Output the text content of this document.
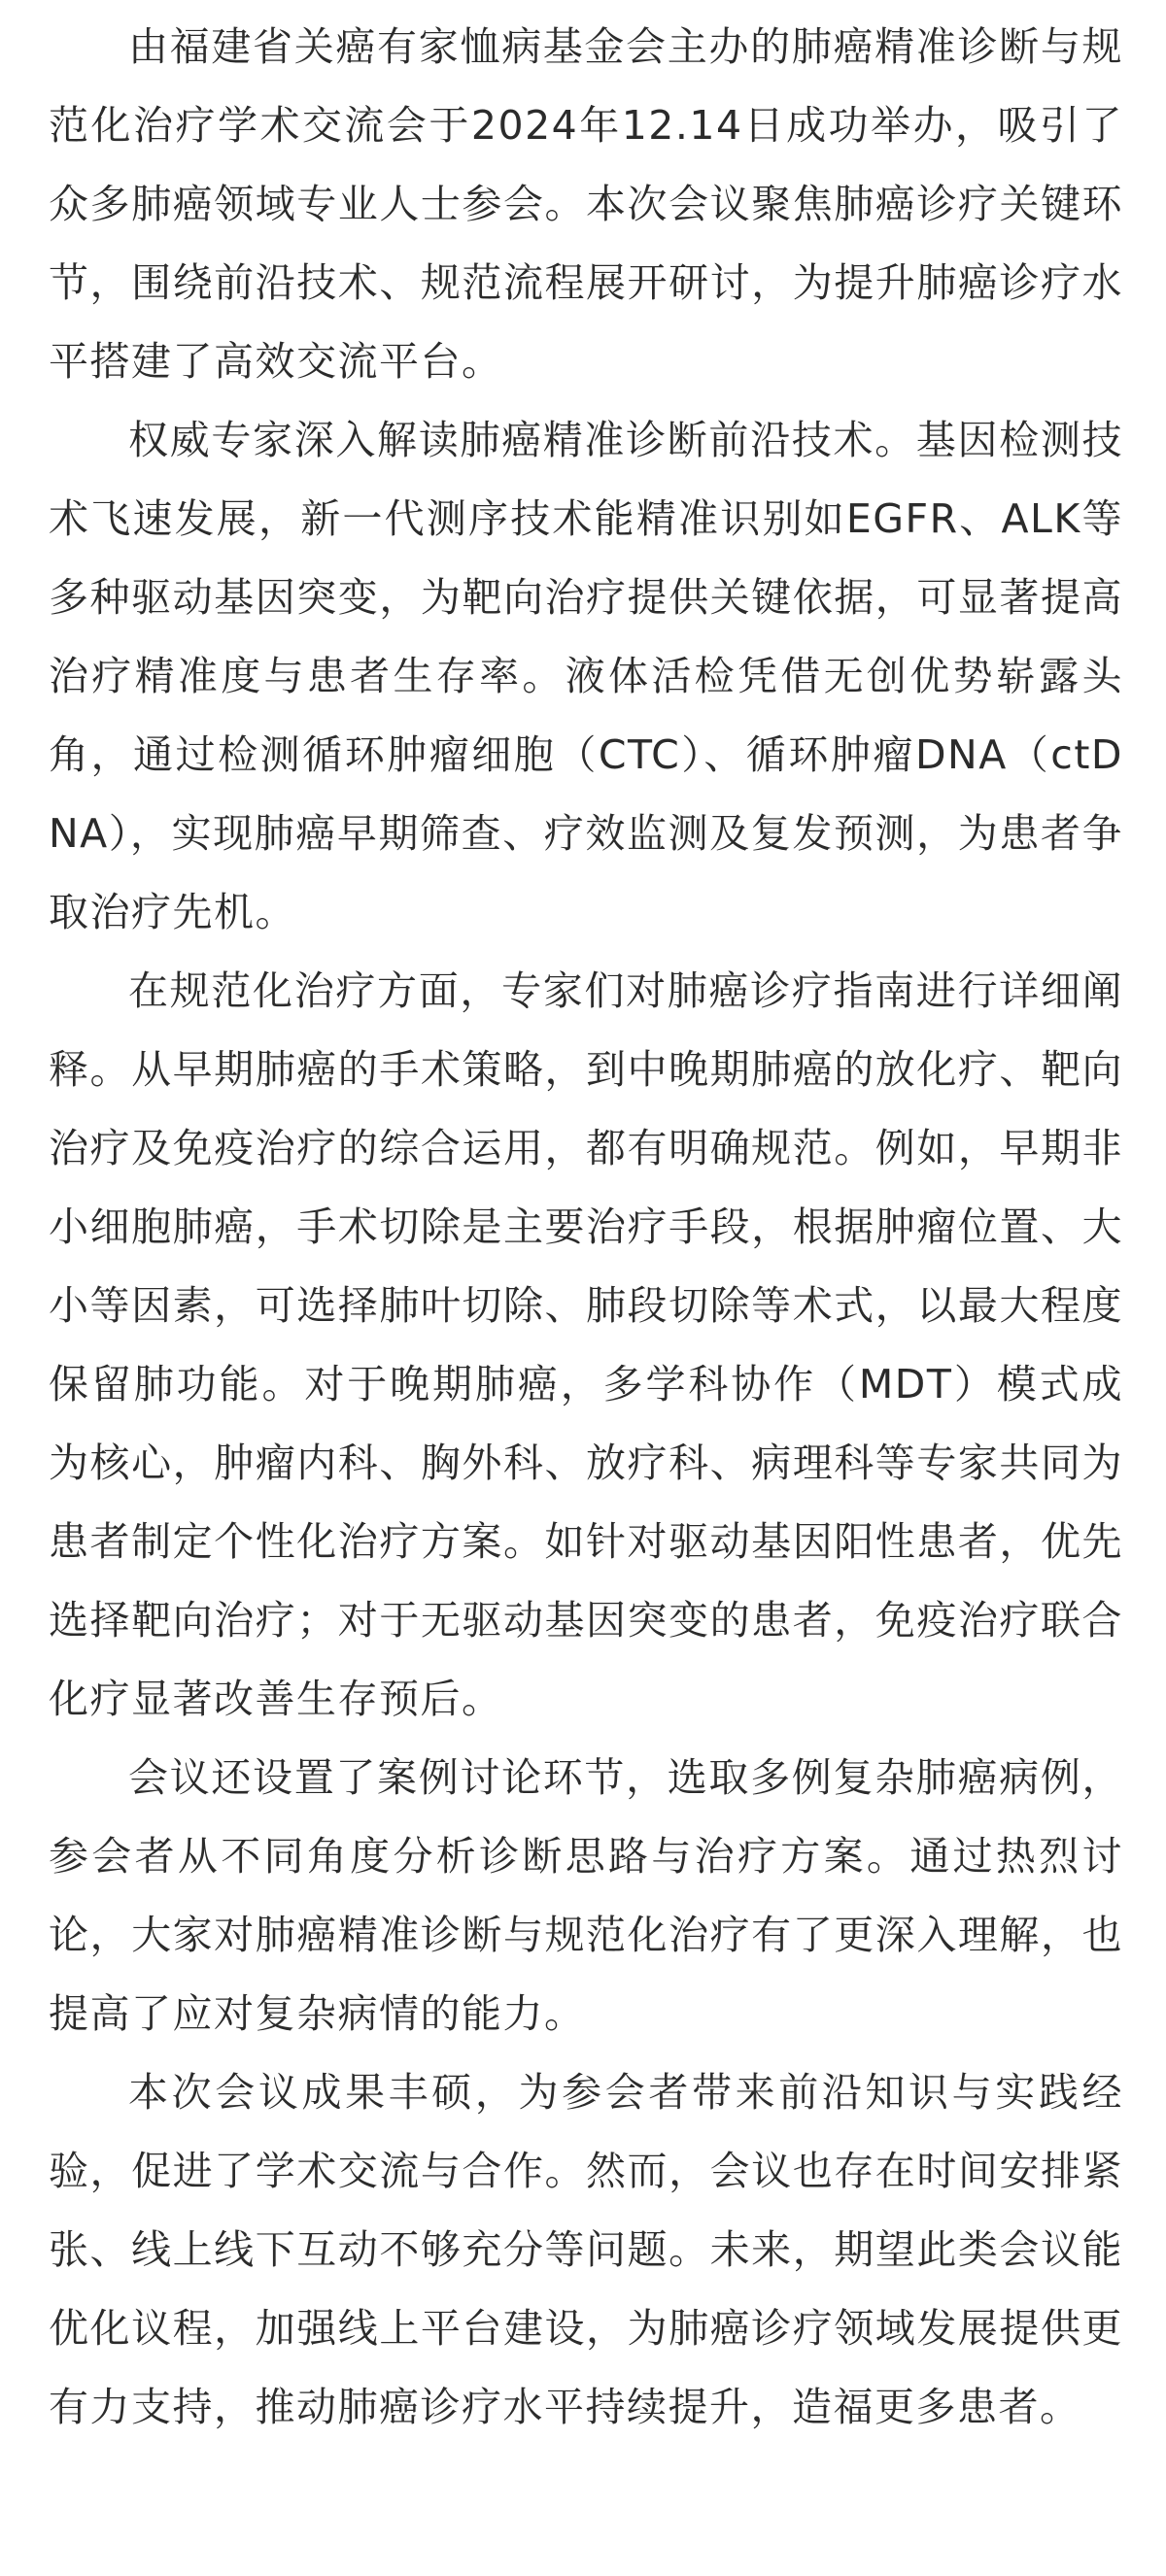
由福建省关癌有家恤病基金会主办的肺癌精准诊断与规范化治疗学术交流会于2024年12.14日成功举办，吸引了众多肺癌领域专业人士参会。本次会议聚焦肺癌诊疗关键环节，围绕前沿技术、规范流程展开研讨，为提升肺癌诊疗水平搭建了高效交流平台。

权威专家深入解读肺癌精准诊断前沿技术。基因检测技术飞速发展，新一代测序技术能精准识别如EGFR、ALK等多种驱动基因突变，为靶向治疗提供关键依据，可显著提高治疗精准度与患者生存率。液体活检凭借无创优势崭露头角，通过检测循环肿瘤细胞（CTC）、循环肿瘤DNA（ctDNA），实现肺癌早期筛查、疗效监测及复发预测，为患者争取治疗先机。

在规范化治疗方面，专家们对肺癌诊疗指南进行详细阐释。从早期肺癌的手术策略，到中晚期肺癌的放化疗、靶向治疗及免疫治疗的综合运用，都有明确规范。例如，早期非小细胞肺癌，手术切除是主要治疗手段，根据肿瘤位置、大小等因素，可选择肺叶切除、肺段切除等术式，以最大程度保留肺功能。对于晚期肺癌，多学科协作（MDT）模式成为核心，肿瘤内科、胸外科、放疗科、病理科等专家共同为患者制定个性化治疗方案。如针对驱动基因阳性患者，优先选择靶向治疗；对于无驱动基因突变的患者，免疫治疗联合化疗显著改善生存预后。

会议还设置了案例讨论环节，选取多例复杂肺癌病例，参会者从不同角度分析诊断思路与治疗方案。通过热烈讨论，大家对肺癌精准诊断与规范化治疗有了更深入理解，也提高了应对复杂病情的能力。

本次会议成果丰硕，为参会者带来前沿知识与实践经验，促进了学术交流与合作。然而，会议也存在时间安排紧张、线上线下互动不够充分等问题。未来，期望此类会议能优化议程，加强线上平台建设，为肺癌诊疗领域发展提供更有力支持，推动肺癌诊疗水平持续提升，造福更多患者。
